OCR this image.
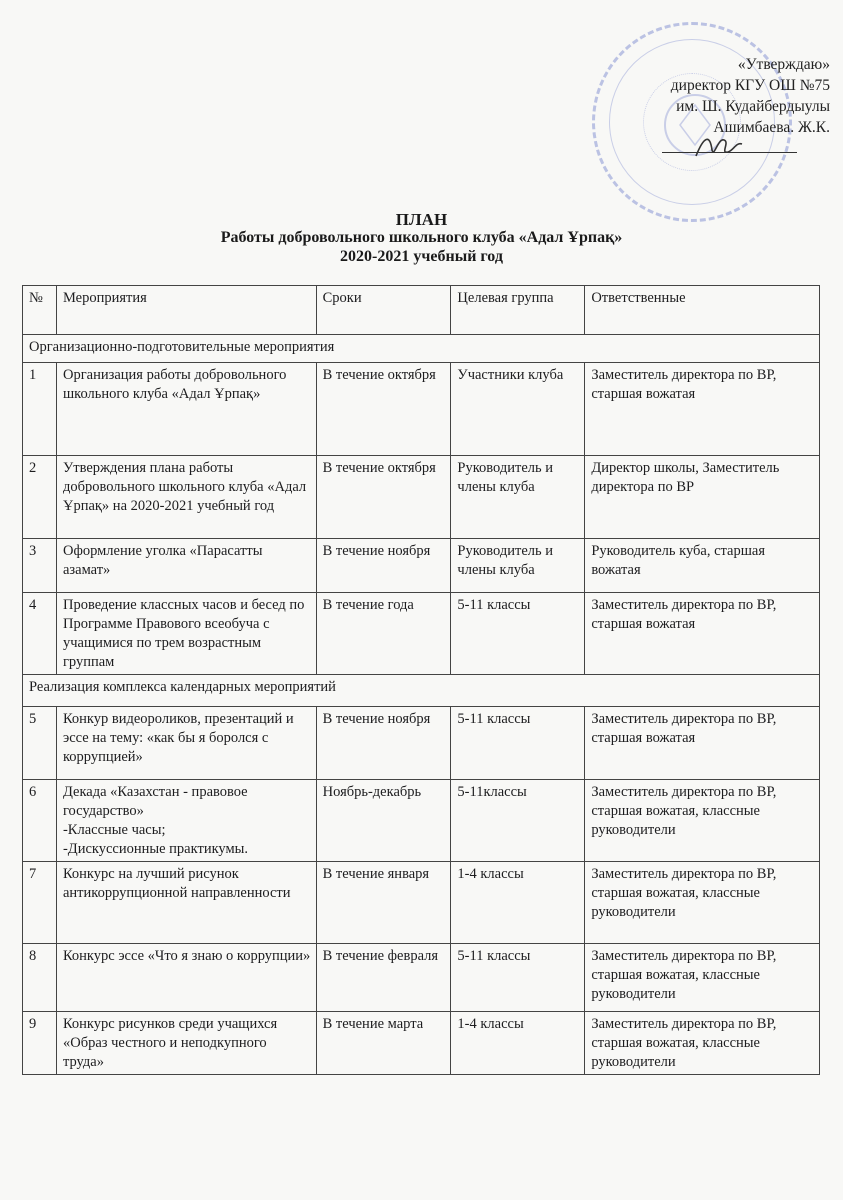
«Утверждаю»
директор КГУ ОШ №75
им. Ш. Кудайбердыулы
Ашимбаева. Ж.К.
ПЛАН
Работы добровольного школьного клуба «Адал Ұрпақ»
2020-2021 учебный год
№	Мероприятия	Сроки	Целевая группа	Ответственные
Организационно-подготовительные мероприятия				
1	Организация работы добровольного школьного клуба «Адал Ұрпақ»	В течение октября	Участники клуба	Заместитель директора по ВР, старшая вожатая
2	Утверждения плана работы добровольного школьного клуба «Адал Ұрпақ» на 2020-2021 учебный год	В течение октября	Руководитель и члены клуба	Директор школы, Заместитель директора по ВР
3	Оформление уголка «Парасатты азамат»	В течение ноября	Руководитель и члены клуба	Руководитель куба, старшая вожатая
4	Проведение классных часов и бесед по Программе Правового всеобуча с учащимися по трем возрастным группам	В течение года	5-11 классы	Заместитель директора по ВР, старшая вожатая
Реализация комплекса календарных мероприятий				
5	Конкур видеороликов, презентаций и эссе на тему: «как бы я боролся с коррупцией»	В течение ноября	5-11 классы	Заместитель директора по ВР, старшая вожатая
6	Декада «Казахстан - правовое государство»
-Классные часы;
-Дискуссионные практикумы.	Ноябрь-декабрь	5-11классы	Заместитель директора по ВР, старшая вожатая, классные руководители
7	Конкурс на лучший рисунок антикоррупционной направленности	В течение января	1-4 классы	Заместитель директора по ВР, старшая вожатая, классные руководители
8	Конкурс эссе «Что я знаю о коррупции»	В течение февраля	5-11 классы	Заместитель директора по ВР, старшая вожатая, классные руководители
9	Конкурс рисунков среди учащихся «Образ честного и неподкупного труда»	В течение марта	1-4 классы	Заместитель директора по ВР, старшая вожатая, классные руководители
